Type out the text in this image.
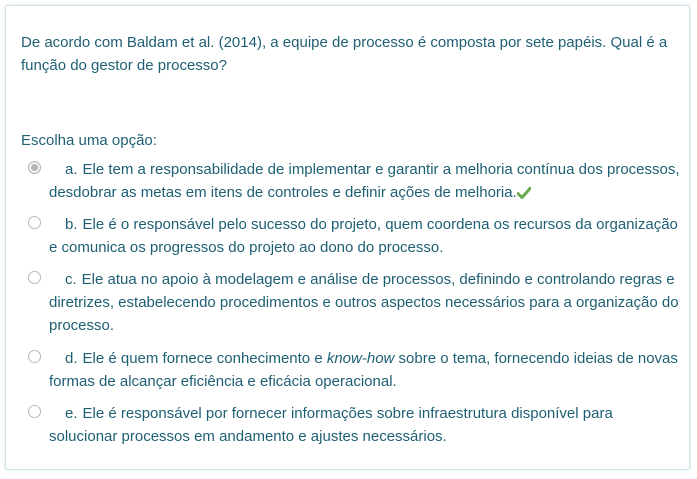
De acordo com Baldam et al. (2014), a equipe de processo é composta por sete papéis. Qual é a função do gestor de processo?

Escolha uma opção:

a. Ele tem a responsabilidade de implementar e garantir a melhoria contínua dos processos, desdobrar as metas em itens de controles e definir ações de melhoria.
b. Ele é o responsável pelo sucesso do projeto, quem coordena os recursos da organização e comunica os progressos do projeto ao dono do processo.
c. Ele atua no apoio à modelagem e análise de processos, definindo e controlando regras e diretrizes, estabelecendo procedimentos e outros aspectos necessários para a organização do processo.
d. Ele é quem fornece conhecimento e know-how sobre o tema, fornecendo ideias de novas formas de alcançar eficiência e eficácia operacional.
e. Ele é responsável por fornecer informações sobre infraestrutura disponível para solucionar processos em andamento e ajustes necessários.
